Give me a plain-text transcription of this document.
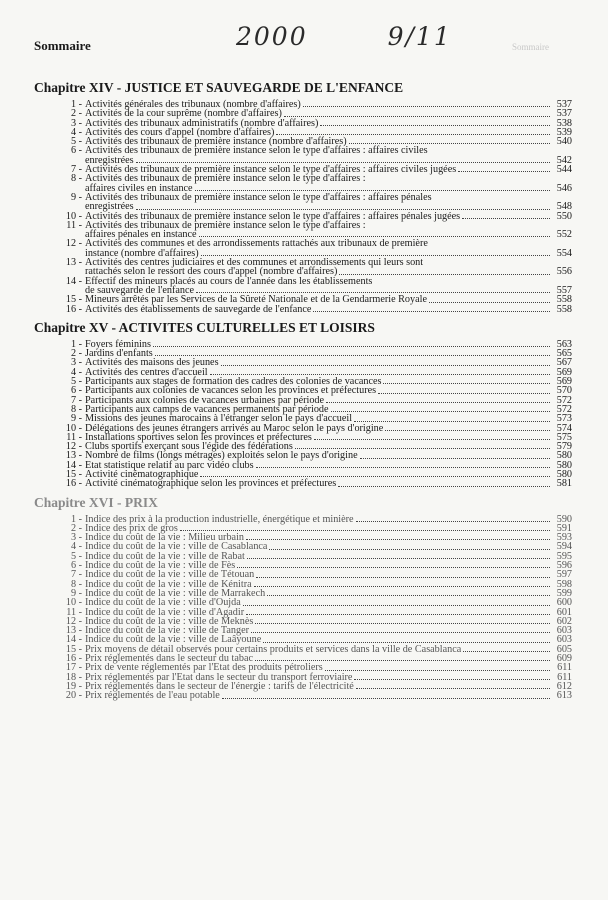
2000	9/11
Sommaire	Sommaire
Chapitre XIV - JUSTICE ET SAUVEGARDE DE L'ENFANCE
1 - Activités générales des tribunaux (nombre d'affaires)	537
2 - Activités de la cour suprême (nombre d'affaires)	537
3 - Activités des tribunaux administratifs (nombre d'affaires)	538
4 - Activités des cours d'appel (nombre d'affaires)	539
5 - Activités des tribunaux de première instance (nombre d'affaires)	540
6 - Activités des tribunaux de première instance selon le type d'affaires : affaires civiles
enregistrées	542
7 - Activités des tribunaux de première instance selon le type d'affaires : affaires civiles jugées	544
8 - Activités des tribunaux de première instance selon le type d'affaires :
affaires civiles en instance	546
9 - Activités des tribunaux de première instance selon le type d'affaires : affaires pénales
enregistrées	548
10 - Activités des tribunaux de première instance selon le type d'affaires : affaires pénales jugées	550
11 - Activités des tribunaux de première instance selon le type d'affaires :
affaires pénales en instance	552
12 - Activités des communes et des arrondissements rattachés aux tribunaux de première
instance (nombre d'affaires)	554
13 - Activités des centres judiciaires et des communes et arrondissements qui leurs sont
rattachés selon le ressort des cours d'appel (nombre d'affaires)	556
14 - Effectif des mineurs placés au cours de l'année dans les établissements
de sauvegarde de l'enfance	557
15 - Mineurs arrêtés par les Services de la Sûreté Nationale et de la Gendarmerie Royale	558
16 - Activités des établissements de sauvegarde de l'enfance	558
Chapitre XV - ACTIVITES CULTURELLES ET LOISIRS
1 - Foyers féminins	563
2 - Jardins d'enfants	565
3 - Activités des maisons des jeunes	567
4 - Activités des centres d'accueil	569
5 - Participants aux stages de formation des cadres des colonies de vacances	569
6 - Participants aux colonies de vacances selon les provinces et préfectures	570
7 - Participants aux colonies de vacances urbaines par période	572
8 - Participants aux camps de vacances permanents par période	572
9 - Missions des jeunes marocains à l'étranger selon le pays d'accueil	573
10 - Délégations des jeunes étrangers arrivés au Maroc selon le pays d'origine	574
11 - Installations sportives selon les provinces et préfectures	575
12 - Clubs sportifs exerçant sous l'égide des fédérations	579
13 - Nombre de films (longs métrages) exploités selon le pays d'origine	580
14 - Etat statistique relatif au parc vidéo clubs	580
15 - Activité cinématographique	580
16 - Activité cinématographique selon les provinces et préfectures	581
Chapitre XVI - PRIX
1 - Indice des prix à la production industrielle, énergétique et minière	590
2 - Indice des prix de gros	591
3 - Indice du coût de la vie : Milieu urbain	593
4 - Indice du coût de la vie : ville de Casablanca	594
5 - Indice du coût de la vie : ville de Rabat	595
6 - Indice du coût de la vie : ville de Fès	596
7 - Indice du coût de la vie : ville de Tétouan	597
8 - Indice du coût de la vie : ville de Kénitra	598
9 - Indice du coût de la vie : ville de Marrakech	599
10 - Indice du coût de la vie : ville d'Oujda	600
11 - Indice du coût de la vie : ville d'Agadir	601
12 - Indice du coût de la vie : ville de Meknès	602
13 - Indice du coût de la vie : ville de Tanger	603
14 - Indice du coût de la vie : ville de Laâyoune	603
15 - Prix moyens de détail observés pour certains produits et services dans la ville de Casablanca	605
16 - Prix réglementés dans le secteur du tabac	609
17 - Prix de vente réglementés par l'Etat des produits pétroliers	611
18 - Prix réglementés par l'Etat dans le secteur du transport ferroviaire	611
19 - Prix réglementés dans le secteur de l'énergie : tarifs de l'électricité	612
20 - Prix réglementés de l'eau potable	613
